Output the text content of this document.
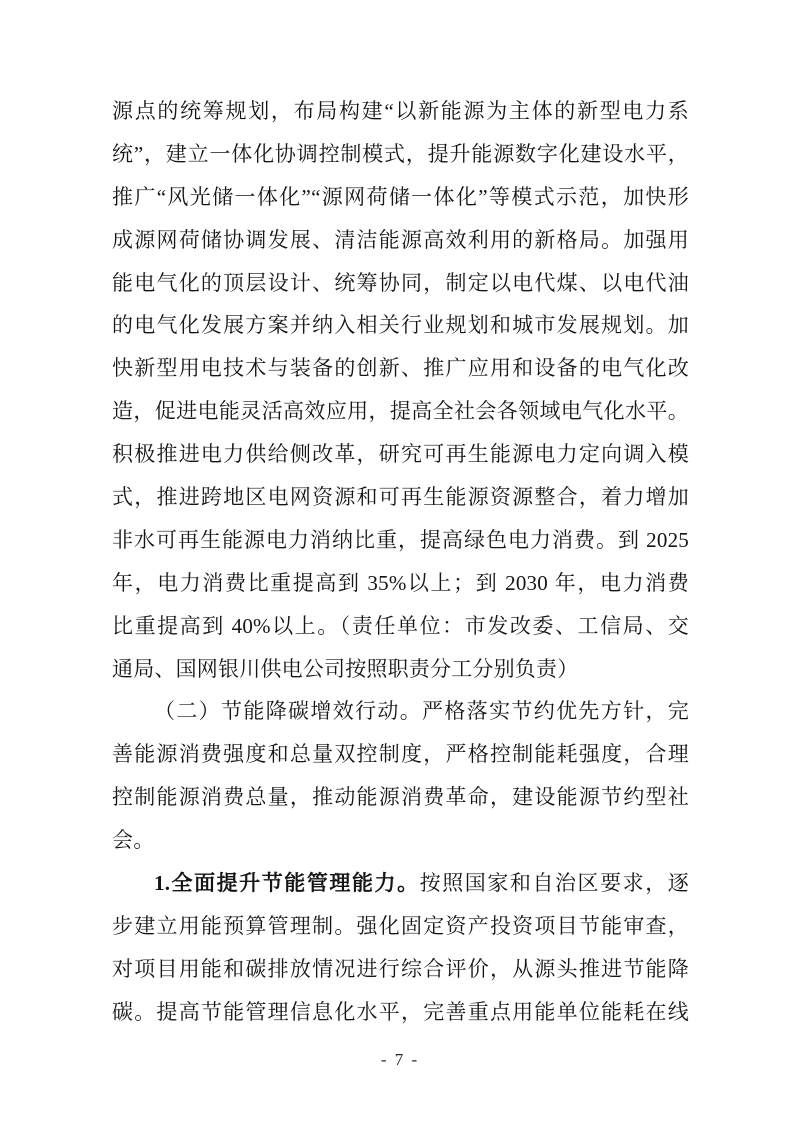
源点的统筹规划，布局构建“以新能源为主体的新型电力系
统”，建立一体化协调控制模式，提升能源数字化建设水平，
推广“风光储一体化”“源网荷储一体化”等模式示范，加快形
成源网荷储协调发展、清洁能源高效利用的新格局。加强用
能电气化的顶层设计、统筹协同，制定以电代煤、以电代油
的电气化发展方案并纳入相关行业规划和城市发展规划。加
快新型用电技术与装备的创新、推广应用和设备的电气化改
造，促进电能灵活高效应用，提高全社会各领域电气化水平。
积极推进电力供给侧改革，研究可再生能源电力定向调入模
式，推进跨地区电网资源和可再生能源资源整合，着力增加
非水可再生能源电力消纳比重，提高绿色电力消费。到 2025
年，电力消费比重提高到 35%以上；到 2030 年，电力消费
比重提高到 40%以上。（责任单位：市发改委、工信局、交
通局、国网银川供电公司按照职责分工分别负责）
（二）节能降碳增效行动。严格落实节约优先方针，完
善能源消费强度和总量双控制度，严格控制能耗强度，合理
控制能源消费总量，推动能源消费革命，建设能源节约型社
会。
1.全面提升节能管理能力。按照国家和自治区要求，逐
步建立用能预算管理制。强化固定资产投资项目节能审查，
对项目用能和碳排放情况进行综合评价，从源头推进节能降
碳。提高节能管理信息化水平，完善重点用能单位能耗在线
- 7 -
